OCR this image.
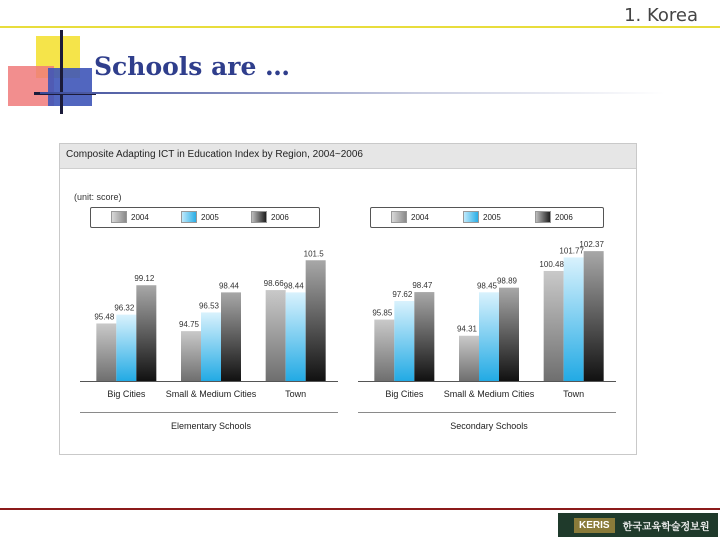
1. Korea
Schools are …
Composite Adapting ICT in Education Index by Region, 2004~2006
(unit: score)
2004	2005	2006	2004	2005	2006
95.48
96.32
99.12
Big Cities
94.75
96.53
98.44
Small & Medium Cities
98.66 98.44
101.5
Town
Elementary Schools
95.85
97.62
98.47
Big Cities
94.31
98.45
98.89
Small & Medium Cities
100.48
101.77
102.37
Town
Secondary Schools
KERIS	한국교육학술정보원
